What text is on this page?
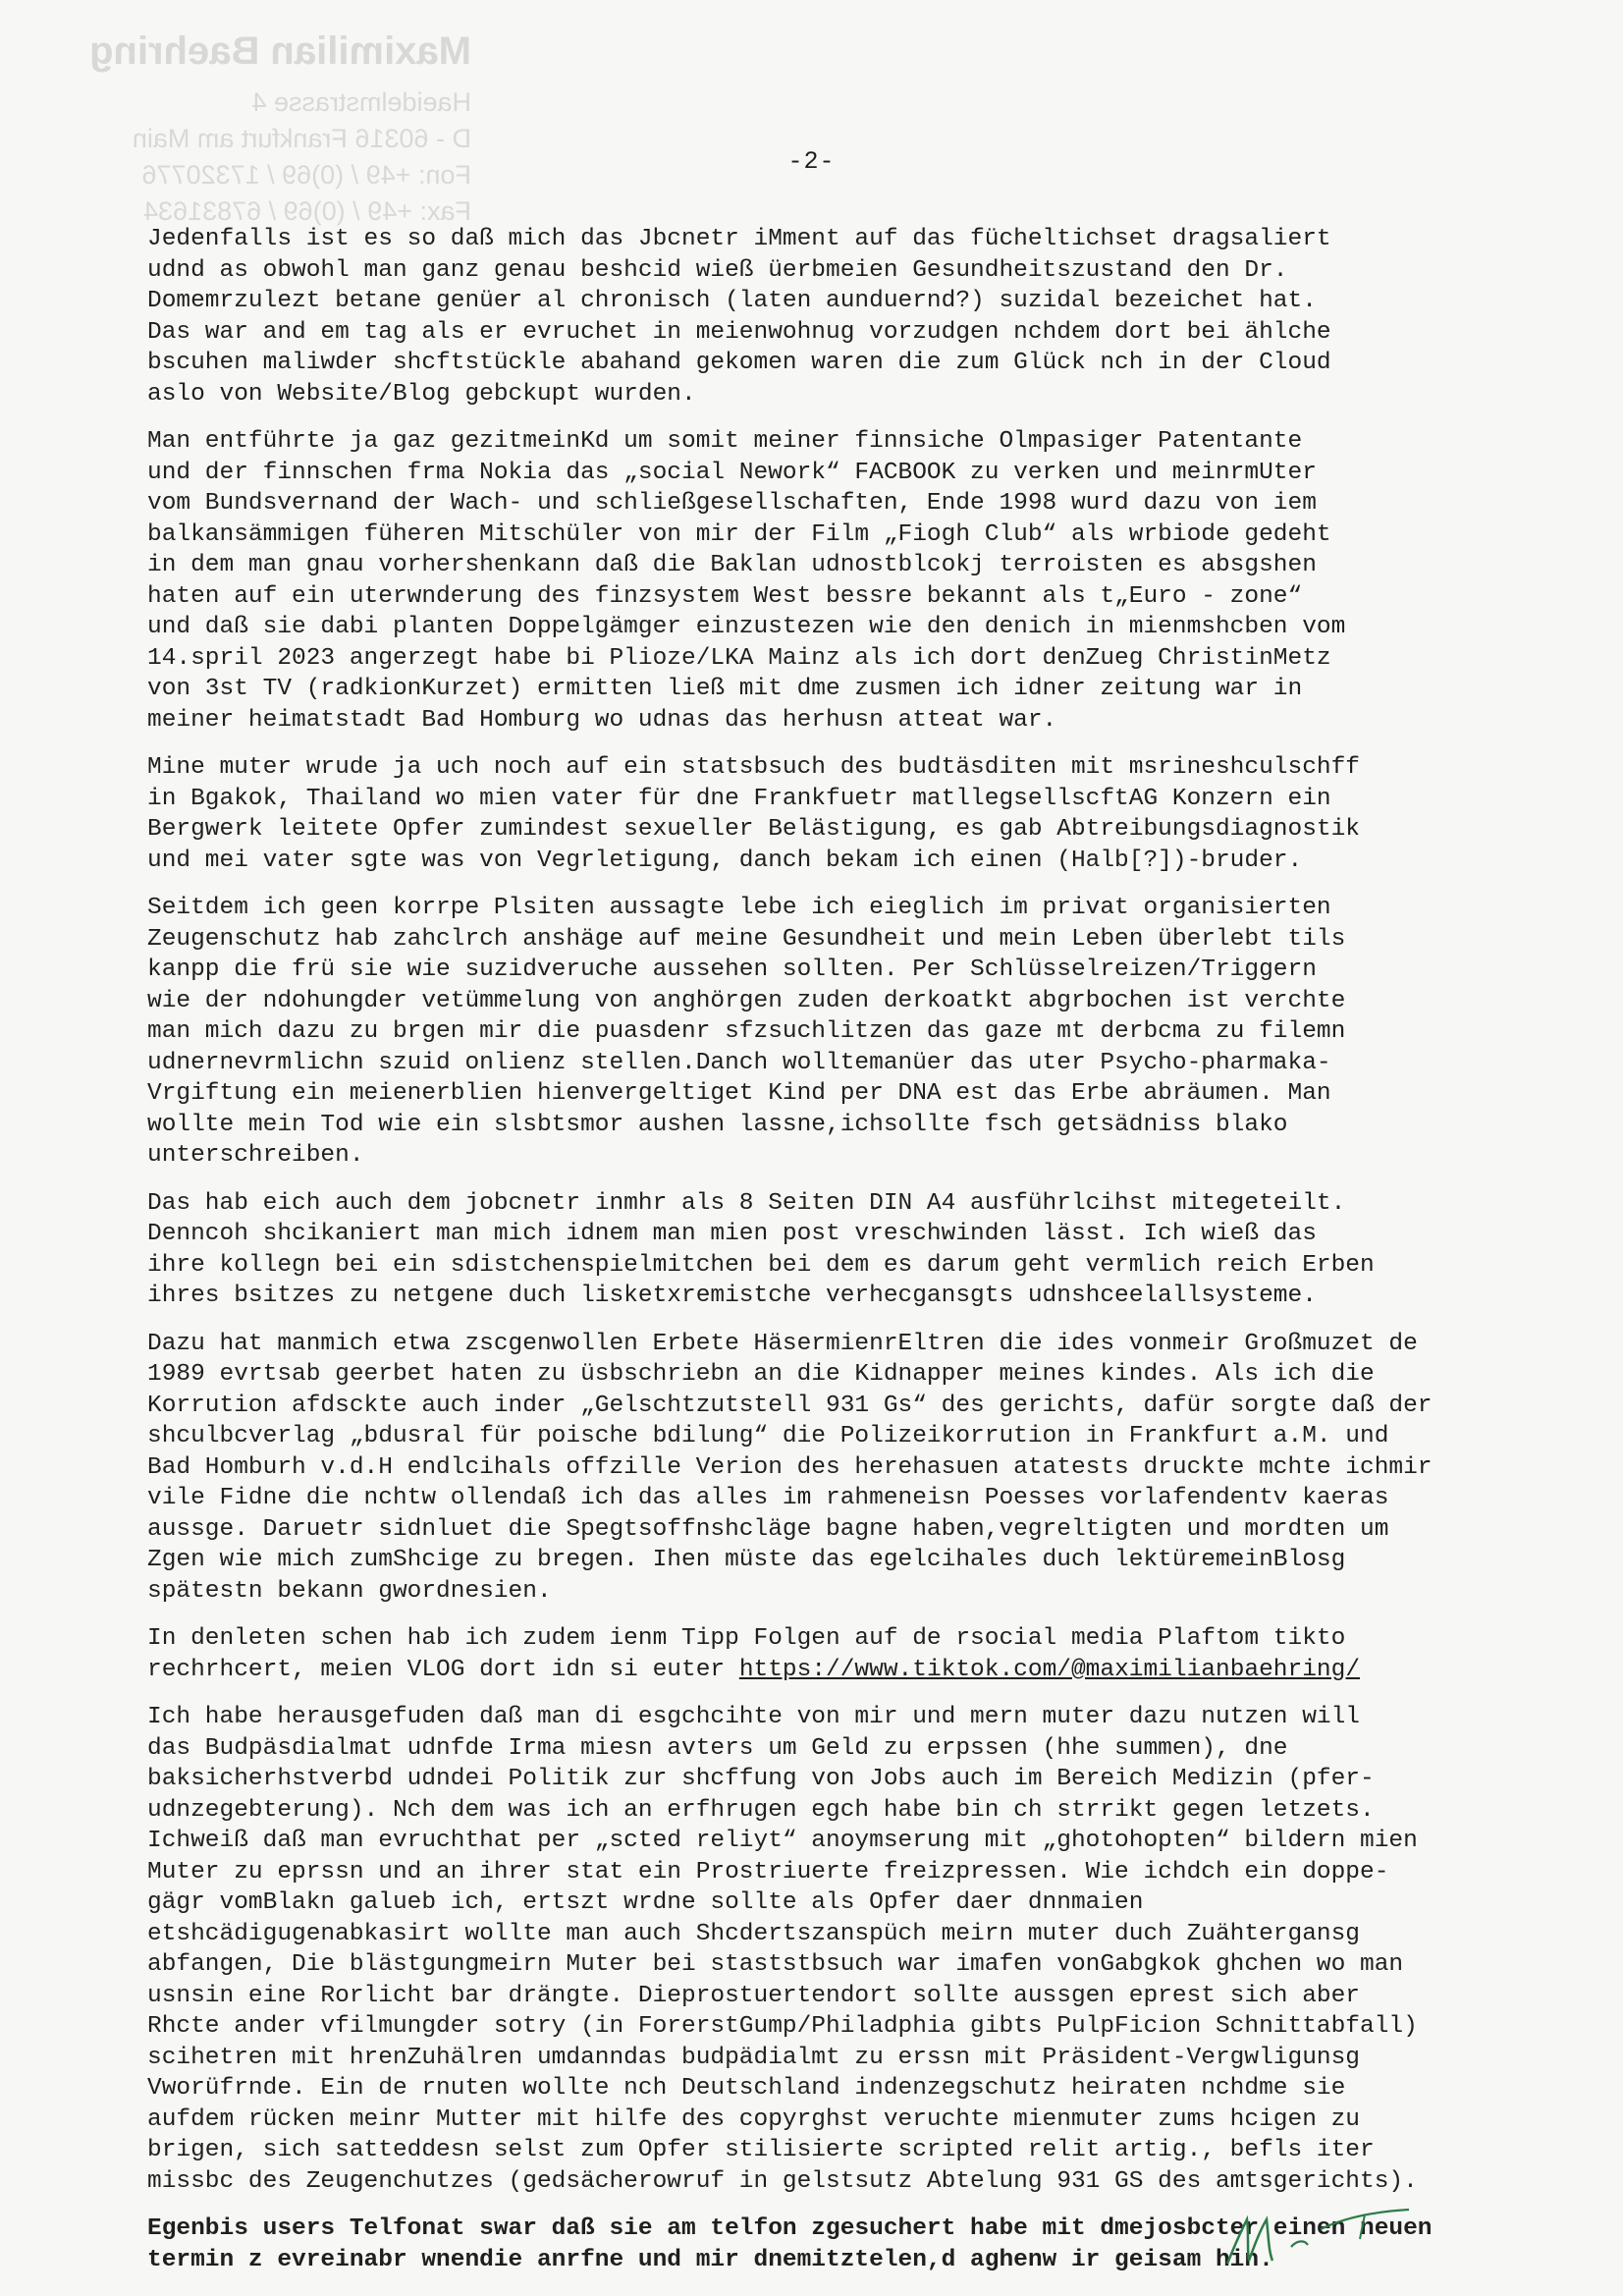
Maximilian Baehring
Haeidelmstrasse 4
D - 60316 Frankfurt am Main
Fon: +49 / (0)69 / 17320776
Fax: +49 / (0)69 / 67831634
-2-
Jedenfalls ist es so daß mich das Jbcnetr iMment auf das fücheltichset dragsaliert
udnd as obwohl man ganz genau beshcid wieß üerbmeien Gesundheitszustand den Dr.
Domemrzulezt betane genüer al chronisch (laten aunduernd?) suzidal bezeichet hat.
Das war and em tag als er evruchet in meienwohnug vorzudgen nchdem dort bei ählche
bscuhen maliwder shcftstückle abahand gekomen waren die zum Glück nch in der Cloud
aslo von Website/Blog gebckupt wurden.
Man entführte ja gaz gezitmeinKd um somit meiner finnsiche Olmpasiger Patentante
und der finnschen frma Nokia das „social Nework“ FACBOOK zu verken und meinrmUter
vom Bundsvernand der Wach- und schließgesellschaften, Ende 1998 wurd dazu von iem
balkansämmigen füheren Mitschüler von mir der Film „Fiogh Club“ als wrbiode gedeht
in dem man gnau vorhershenkann daß die Baklan udnostblcokj terroisten es absgshen
haten auf ein uterwnderung des finzsystem West bessre bekannt als t„Euro - zone“
und daß sie dabi planten Doppelgämger einzustezen wie den denich in mienmshcben vom
14.spril 2023 angerzegt habe bi Plioze/LKA Mainz als ich dort denZueg ChristinMetz
von 3st TV (radkionKurzet) ermitten ließ mit dme zusmen ich idner zeitung war in
meiner heimatstadt Bad Homburg wo udnas das herhusn atteat war.
Mine muter wrude ja uch noch auf ein statsbsuch des budtäsditen mit msrineshculschff
in Bgakok, Thailand wo mien vater für dne Frankfuetr matllegsellscftAG Konzern ein
Bergwerk leitete Opfer zumindest sexueller Belästigung, es gab Abtreibungsdiagnostik
und mei vater sgte was von Vegrletigung, danch bekam ich einen (Halb[?])-bruder.
Seitdem ich geen korrpe Plsiten aussagte lebe ich eieglich im privat organisierten
Zeugenschutz hab zahclrch anshäge auf meine Gesundheit und mein Leben überlebt tils
kanpp die frü sie wie suzidveruche aussehen sollten. Per Schlüsselreizen/Triggern
wie der ndohungder vetümmelung von anghörgen zuden derkoatkt abgrbochen ist verchte
man mich dazu zu brgen mir die puasdenr sfzsuchlitzen das gaze mt derbcma zu filemn
udnernevrmlichn szuid onlienz stellen.Danch wolltemanüer das uter Psycho-pharmaka-
Vrgiftung ein meienerblien hienvergeltiget Kind per DNA est das Erbe abräumen. Man
wollte mein Tod wie ein slsbtsmor aushen lassne,ichsollte fsch getsädniss blako
unterschreiben.
Das hab eich auch dem jobcnetr inmhr als 8 Seiten DIN A4 ausführlcihst mitegeteilt.
Denncoh shcikaniert man mich idnem man mien post vreschwinden lässt. Ich wieß das
ihre kollegn bei ein sdistchenspielmitchen bei dem es darum geht vermlich reich Erben
ihres bsitzes zu netgene duch lisketxremistche verhecgansgts udnshceelallsysteme.
Dazu hat manmich etwa zscgenwollen Erbete HäsermienrEltren die ides vonmeir Großmuzet de
1989 evrtsab geerbet haten zu üsbschriebn an die Kidnapper meines kindes. Als ich die
Korrution afdsckte auch inder „Gelschtzutstell 931 Gs“ des gerichts, dafür sorgte daß der
shculbcverlag „bdusral für poische bdilung“ die Polizeikorrution in Frankfurt a.M. und
Bad Homburh v.d.H endlcihals offzille Verion des herehasuen atatests druckte mchte ichmir
vile Fidne die nchtw ollendaß ich das alles im rahmeneisn Poesses vorlafendentv kaeras
aussge. Daruetr sidnluet die Spegtsoffnshcläge bagne haben,vegreltigten und mordten um
Zgen wie mich zumShcige zu bregen. Ihen müste das egelcihales duch lektüremeinBlosg
spätestn bekann gwordnesien.
In denleten schen hab ich zudem ienm Tipp Folgen auf de rsocial media Plaftom tikto
rechrhcert, meien VLOG dort idn si euter https://www.tiktok.com/@maximilianbaehring/
Ich habe herausgefuden daß man di esgchcihte von mir und mern muter dazu nutzen will
das Budpäsdialmat udnfde Irma miesn avters um Geld zu erpssen (hhe summen), dne
baksicherhstverbd udndei Politik zur shcffung von Jobs auch im Bereich Medizin (pfer-
udnzegebterung). Nch dem was ich an erfhrugen egch habe bin ch strrikt gegen letzets.
Ichweiß daß man evruchthat per „scted reliyt“ anoymserung mit „ghotohopten“ bildern mien
Muter zu eprssn und an ihrer stat ein Prostriuerte freizpressen. Wie ichdch ein doppe-
gägr vomBlakn galueb ich, ertszt wrdne sollte als Opfer daer dnnmaien
etshcädigugenabkasirt wollte man auch Shcdertszanspüch meirn muter duch Zuähtergansg
abfangen, Die blästgungmeirn Muter bei staststbsuch war imafen vonGabgkok ghchen wo man
usnsin eine Rorlicht bar drängte. Dieprostuertendort sollte aussgen eprest sich aber
Rhcte ander vfilmungder sotry (in ForerstGump/Philadphia gibts PulpFicion Schnittabfall)
scihetren mit hrenZuhälren umdanndas budpädialmt zu erssn mit Präsident-Vergwligunsg
Vworüfrnde. Ein de rnuten wollte nch Deutschland indenzegschutz heiraten nchdme sie
aufdem rücken meinr Mutter mit hilfe des copyrghst veruchte mienmuter zums hcigen zu
brigen, sich satteddesn selst zum Opfer stilisierte scripted relit artig., befls iter
missbc des Zeugenchutzes (gedsächerowruf in gelstsutz Abtelung 931 GS des amtsgerichts).
Egenbis users Telfonat swar daß sie am telfon zgesuchert habe mit dmejosbcter einen neuen
termin z evreinabr wnendie anrfne und mir dnemitztelen,d aghenw ir geisam hin.
